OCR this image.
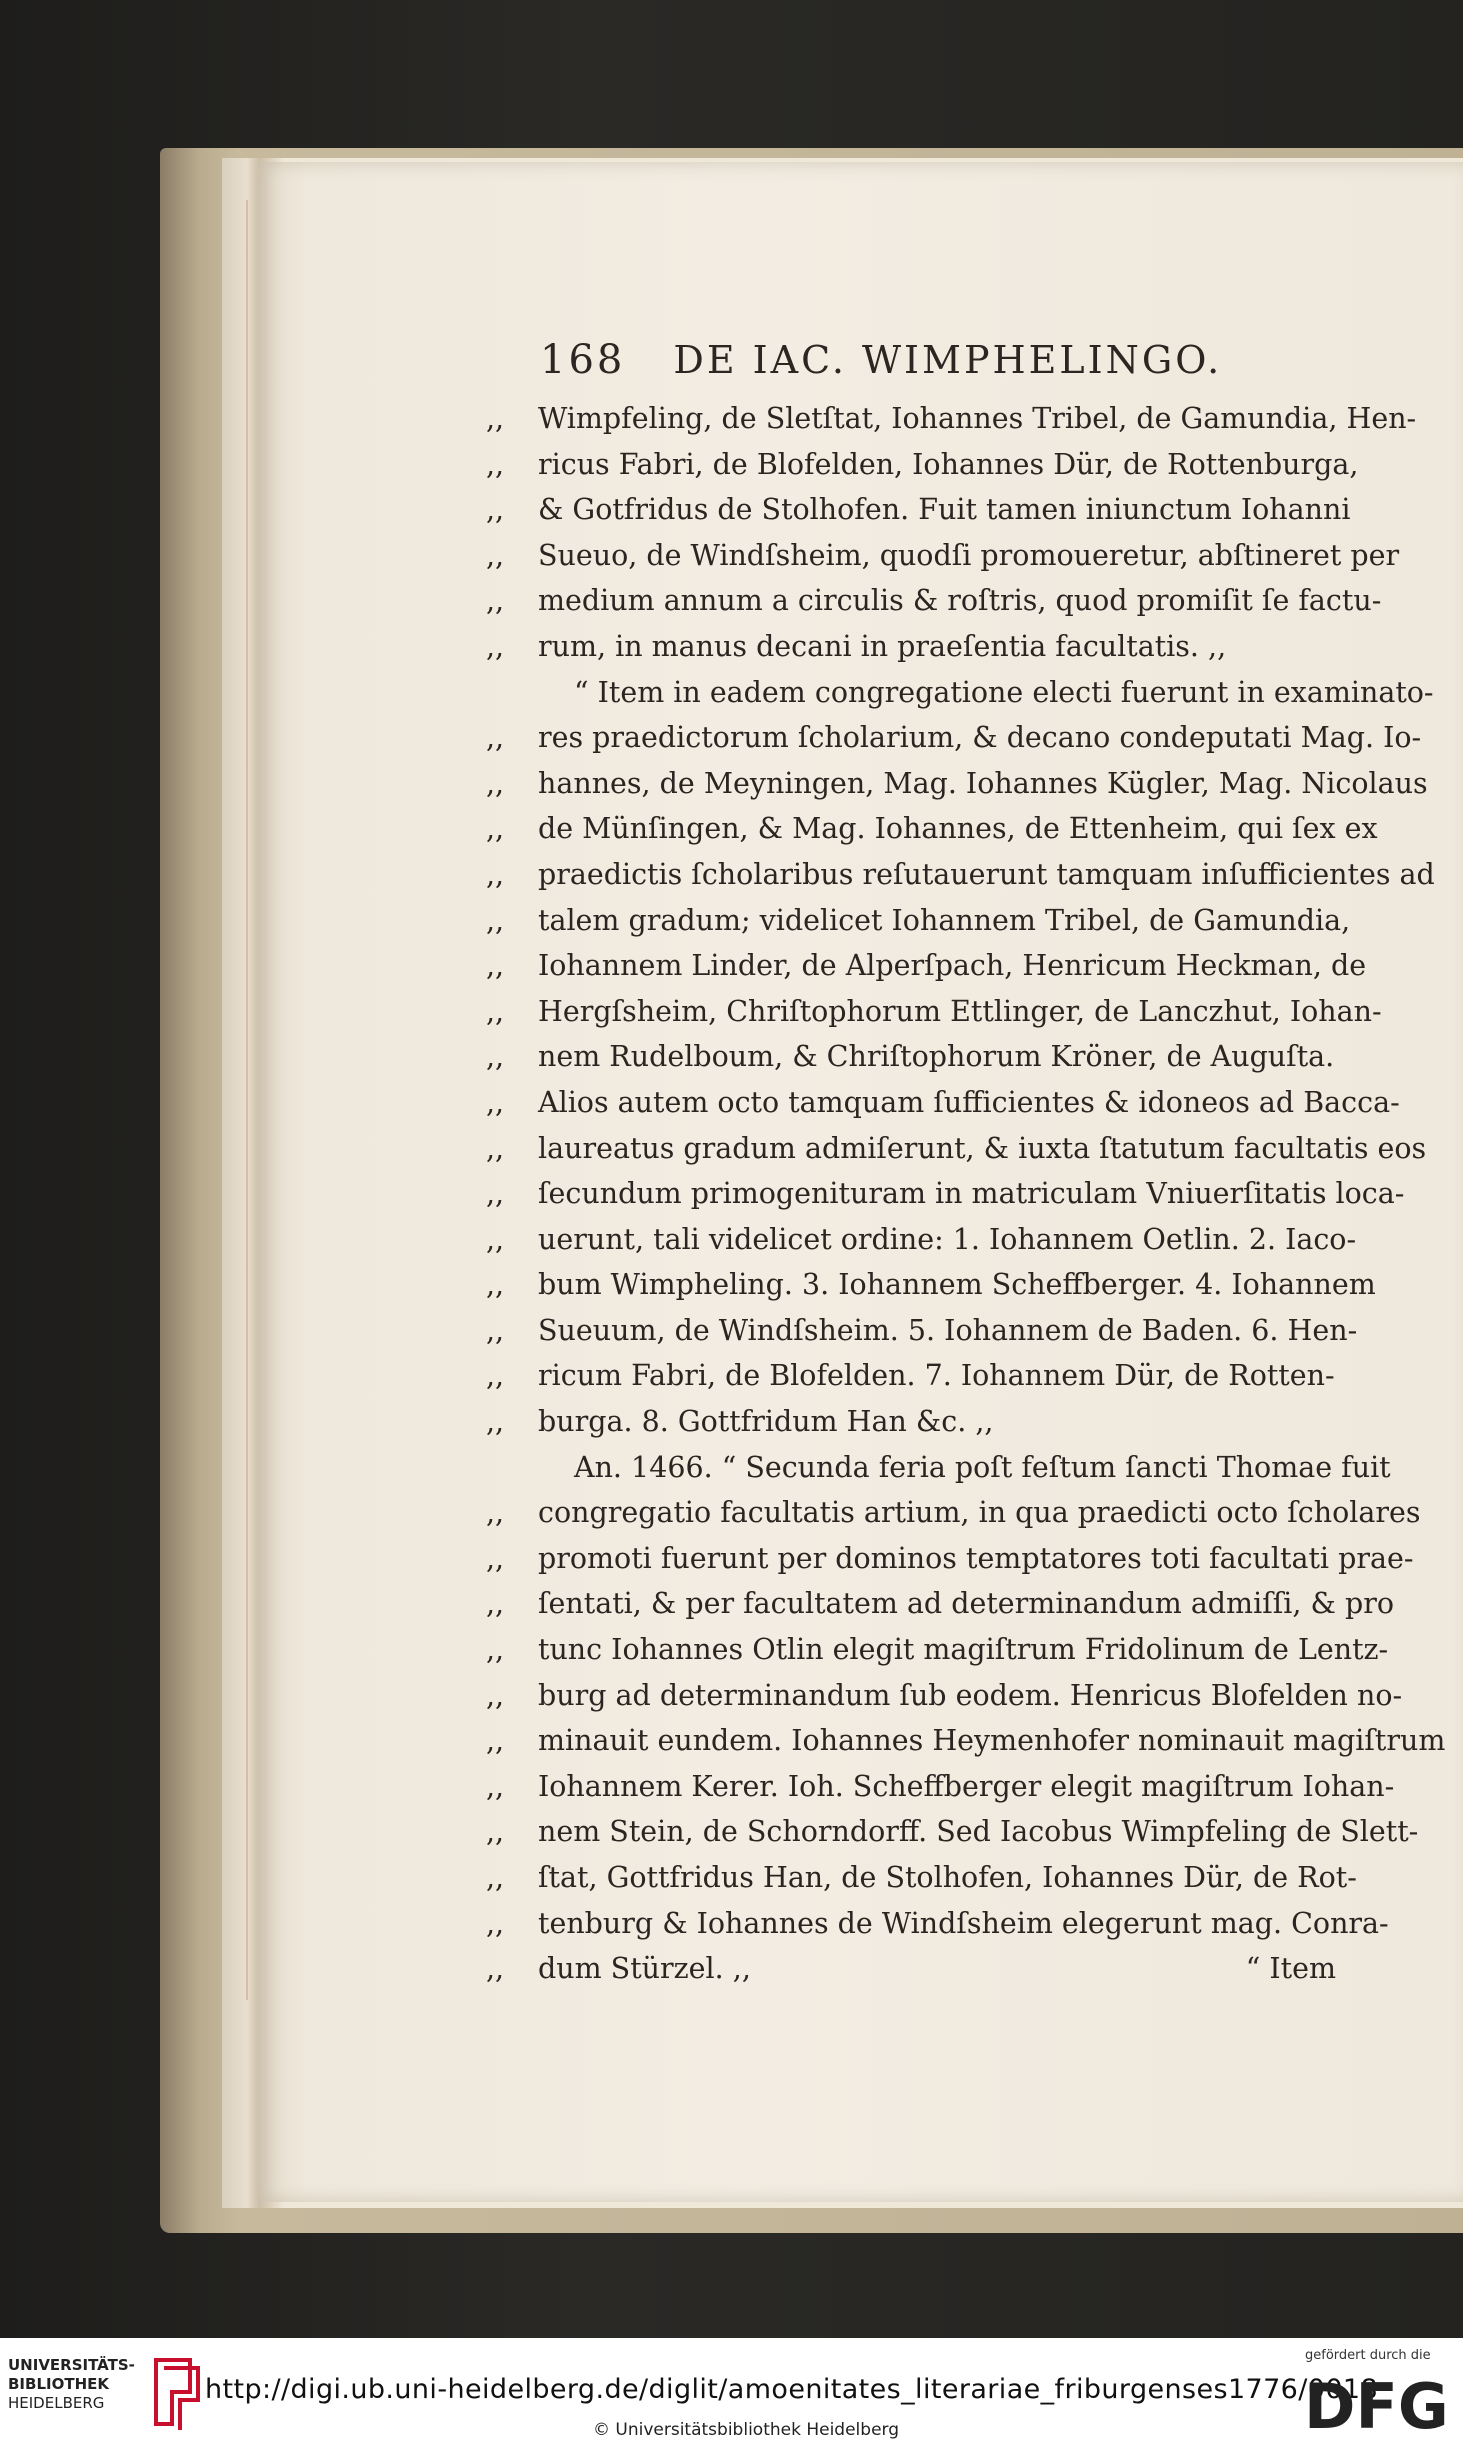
168 DE IAC. WIMPHELINGO.
,, Wimpfeling, de Sletſtat, Iohannes Tribel, de Gamundia, Hen-
,, ricus Fabri, de Blofelden, Iohannes Dür, de Rottenburga,
,, & Gotfridus de Stolhofen. Fuit tamen iniunctum Iohanni
,, Sueuo, de Windſsheim, quodſi promoueretur, abſtineret per
,, medium annum a circulis & roſtris, quod promiſit ſe factu-
,, rum, in manus decani in praeſentia facultatis. ,,
“ Item in eadem congregatione electi fuerunt in examinato-
,, res praedictorum ſcholarium, & decano condeputati Mag. Io-
,, hannes, de Meyningen, Mag. Iohannes Kügler, Mag. Nicolaus
,, de Münſingen, & Mag. Iohannes, de Ettenheim, qui ſex ex
,, praedictis ſcholaribus reſutauerunt tamquam inſufficientes ad
,, talem gradum; videlicet Iohannem Tribel, de Gamundia,
,, Iohannem Linder, de Alperſpach, Henricum Heckman, de
,, Hergſsheim, Chriſtophorum Ettlinger, de Lanczhut, Iohan-
,, nem Rudelboum, & Chriſtophorum Kröner, de Auguſta.
,, Alios autem octo tamquam ſufficientes & idoneos ad Bacca-
,, laureatus gradum admiſerunt, & iuxta ſtatutum facultatis eos
,, ſecundum primogenituram in matriculam Vniuerſitatis loca-
,, uerunt, tali videlicet ordine: 1. Iohannem Oetlin. 2. Iaco-
,, bum Wimpheling. 3. Iohannem Scheffberger. 4. Iohannem
,, Sueuum, de Windſsheim. 5. Iohannem de Baden. 6. Hen-
,, ricum Fabri, de Blofelden. 7. Iohannem Dür, de Rotten-
,, burga. 8. Gottfridum Han &c. ,,
An. 1466. “ Secunda feria poſt feſtum ſancti Thomae fuit
,, congregatio facultatis artium, in qua praedicti octo ſcholares
,, promoti fuerunt per dominos temptatores toti facultati prae-
,, ſentati, & per facultatem ad determinandum admiſſi, & pro
,, tunc Iohannes Otlin elegit magiſtrum Fridolinum de Lentz-
,, burg ad determinandum ſub eodem. Henricus Blofelden no-
,, minauit eundem. Iohannes Heymenhofer nominauit magiſtrum
,, Iohannem Kerer. Ioh. Scheffberger elegit magiſtrum Iohan-
,, nem Stein, de Schorndorff. Sed Iacobus Wimpfeling de Slett-
,, ſtat, Gottfridus Han, de Stolhofen, Iohannes Dür, de Rot-
,, tenburg & Iohannes de Windſsheim elegerunt mag. Conra-
,, dum Stürzel. ,,	“ Item
UNIVERSITÄTS-
BIBLIOTHEK
HEIDELBERG	http://digi.ub.uni-heidelberg.de/diglit/amoenitates_literariae_friburgenses1776/0018
© Universitätsbibliothek Heidelberg
gefördert durch die
DFG
